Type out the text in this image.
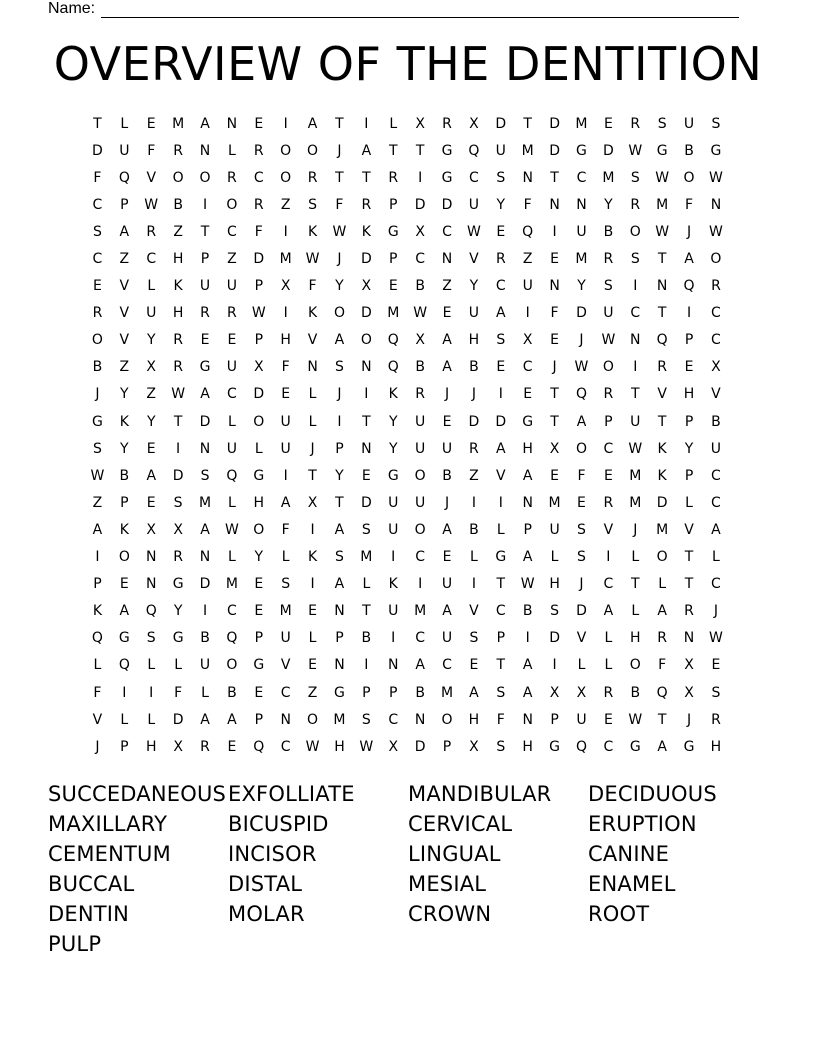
Name:
OVERVIEW OF THE DENTITION
T	L	E	M	A	N	E	I	A	T	I	L	X	R	X	D	T	D	M	E	R	S	U	S
D	U	F	R	N	L	R	O	O	J	A	T	T	G	Q	U	M	D	G	D	W	G	B	G
F	Q	V	O	O	R	C	O	R	T	T	R	I	G	C	S	N	T	C	M	S	W	O	W
C	P	W	B	I	O	R	Z	S	F	R	P	D	D	U	Y	F	N	N	Y	R	M	F	N
S	A	R	Z	T	C	F	I	K	W	K	G	X	C	W	E	Q	I	U	B	O	W	J	W
C	Z	C	H	P	Z	D	M W	J	D	P	C	N	V	R	Z	E	M	R	S	T	A	O
E	V	L	K	U	U	P	X	F	Y	X	E	B	Z	Y	C	U	N	Y	S	I	N	Q	R
R	V	U	H	R	R	W	I	K	O	D	M W	E	U	A	I	F	D	U	C	T	I	C
O	V	Y	R	E	E	P	H	V	A	O	Q	X	A	H	S	X	E	J	W	N	Q	P	C
B	Z	X	R	G	U	X	F	N	S	N	Q	B	A	B	E	C	J	W	O	I	R	E	X
J	Y	Z	W	A	C	D	E	L	J	I	K	R	J	J	I	E	T	Q	R	T	V	H	V
G	K	Y	T	D	L	O	U	L	I	T	Y	U	E	D	D	G	T	A	P	U	T	P	B
S	Y	E	I	N	U	L	U	J	P	N	Y	U	U	R	A	H	X	O	C	W	K	Y	U
W	B	A	D	S	Q	G	I	T	Y	E	G	O	B	Z	V	A	E	F	E	M	K	P	C
Z	P	E	S	M	L	H	A	X	T	D	U	U	J	I	I	N	M	E	R	M	D	L	C
A	K	X	X	A	W	O	F	I	A	S	U	O	A	B	L	P	U	S	V	J	M	V	A
I	O	N	R	N	L	Y	L	K	S	M	I	C	E	L	G	A	L	S	I	L	O	T	L
P	E	N	G	D	M	E	S	I	A	L	K	I	U	I	T	W	H	J	C	T	L	T	C
K	A	Q	Y	I	C	E	M	E	N	T	U	M	A	V	C	B	S	D	A	L	A	R	J
Q	G	S	G	B	Q	P	U	L	P	B	I	C	U	S	P	I	D	V	L	H	R	N	W
L	Q	L	L	U	O	G	V	E	N	I	N	A	C	E	T	A	I	L	L	O	F	X	E
F	I	I	F	L	B	E	C	Z	G	P	P	B	M	A	S	A	X	X	R	B	Q	X	S
V	L	L	D	A	A	P	N	O	M	S	C	N	O	H	F	N	P	U	E	W	T	J	R
J	P	H	X	R	E	Q	C	W	H	W	X	D	P	X	S	H	G	Q	C	G	A	G	H
SUCCEDANEOUS EXFOLLIATE	MANDIBULAR	DECIDUOUS
MAXILLARY	BICUSPID	CERVICAL	ERUPTION
CEMENTUM	INCISOR	LINGUAL	CANINE
BUCCAL	DISTAL	MESIAL	ENAMEL
DENTIN	MOLAR	CROWN	ROOT
PULP
